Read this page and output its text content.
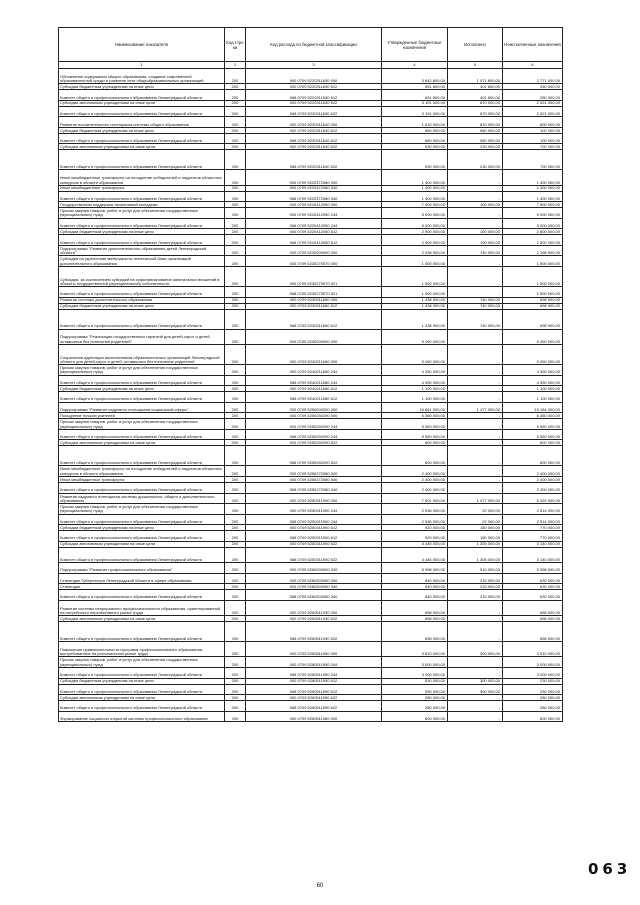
Наименование показателя	Код стро ки	Код расхода по бюджетной классификации	Утвержденные бюджетные назначения	Исполнено	Неисполненные назначения
1	2	3	4	5	6
Обновление содержания общего образования, создание современной образовательной среды и развитие сети общеобразовательных организаций	200	000 0709 5220311630 000	3 842 800,00	1 071 800,00	2 771 000,00
Субсидии бюджетным учреждениям на иные цели	200	000 0709 5220311630 612	651 800,00	401 800,00	250 000,00
Комитет общего и профессионального образования Ленинградской области	200	068 0709 5220311630 612	651 800,00	401 800,00	250 000,00
Субсидии автономным учреждениям на иные цели	200	000 0709 5220311630 622	3 191 000,00	670 000,00	2 521 000,00
Комитет общего и профессионального образования Ленинградской области	200	068 0709 5220311630 622	3 191 000,00	670 000,00	2 521 000,00
Развитие воспитательного потенциала системы общего образования	200	000 0709 5220311640 000	1 610 000,00	810 000,00	800 000,00
Субсидии бюджетным учреждениям на иные цели	200	000 0709 5220311640 612	680 000,00	580 000,00	100 000,00
Комитет общего и профессионального образования Ленинградской области	200	068 0709 5220311640 612	680 000,00	580 000,00	100 000,00
Субсидии автономным учреждениям на иные цели	200	000 0709 5220311640 622	930 000,00	230 000,00	700 000,00
Комитет общего и профессионального образования Ленинградской области	200	068 0709 5220311640 622	930 000,00	230 000,00	700 000,00
Иные межбюджетные трансферты на поощрение победителей и лауреатов областных конкурсов в области образования	200	000 0709 5220372080 000	1 400 000,00	-	1 400 000,00
Иные межбюджетные трансферты	200	000 0709 5220372080 540	1 400 000,00	-	1 400 000,00
Комитет общего и профессионального образования Ленинградской области	200	068 0709 5220372080 540	1 400 000,00	-	1 400 000,00
Государственная поддержка талантливой молодежи	200	000 0709 5220412050 000	7 900 000,00	100 000,00	7 800 000,00
Прочая закупка товаров, работ и услуг для обеспечения государственных (муниципальных) нужд	200	000 0709 5220412050 244	5 000 000,00	-	5 000 000,00
Комитет общего и профессионального образования Ленинградской области	200	068 0709 5220412050 244	5 000 000,00	-	5 000 000,00
Субсидии бюджетным учреждениям на иные цели	200	000 0709 5220412050 612	2 900 000,00	100 000,00	2 800 000,00
Комитет общего и профессионального образования Ленинградской области	200	068 0709 5220412050 612	2 900 000,00	100 000,00	2 800 000,00
Подпрограмма "Развитие дополнительного образования детей Ленинградской области"	200	000 0709 5230000000 000	2 938 900,00	740 000,00	2 198 900,00
Субсидия на укрепление материально-технической базы организаций дополнительного образования	200	000 0709 5230270570 000	1 500 000,00	-	1 500 000,00
Субсидии, за исключением субсидий на софинансирование капитальных вложений в объекты государственной (муниципальной) собственности	200	000 0709 5230270570 521	1 500 000,00	-	1 500 000,00
Комитет общего и профессионального образования Ленинградской области	200	068 0709 5230270570 521	1 500 000,00	-	1 500 000,00
Развитие системы дополнительного образования	200	000 0709 5230311660 000	1 438 900,00	740 000,00	698 900,00
Субсидии бюджетным учреждениям на иные цели	200	000 0709 5230311660 612	1 438 900,00	740 000,00	698 900,00
Комитет общего и профессионального образования Ленинградской области	200	068 0709 5230311660 612	1 438 900,00	740 000,00	698 900,00
Подпрограмма "Реализация государственных гарантий для детей-сирот и детей, оставшихся без попечения родителей"	200	000 0709 5240000000 000	5 490 000,00	-	5 490 000,00
Социальная адаптация воспитанников образовательных организаций Ленинградской области для детей-сирот и детей, оставшихся без попечения родителей	200	000 0709 5240211680 000	5 490 000,00	-	5 490 000,00
Прочая закупка товаров, работ и услуг для обеспечения государственных (муниципальных) нужд	200	000 0709 5240211680 244	4 390 000,00	-	4 390 000,00
Комитет общего и профессионального образования Ленинградской области	200	068 0709 5240211680 244	4 390 000,00	-	4 390 000,00
Субсидии бюджетным учреждениям на иные цели	200	000 0709 5240211680 612	1 100 000,00	-	1 100 000,00
Комитет общего и профессионального образования Ленинградской области	200	068 0709 5240211680 612	1 100 000,00	-	1 100 000,00
Подпрограмма "Развитие кадрового потенциала социальной сферы"	200	000 0709 5250000000 000	16 661 000,00	1 477 000,00	15 184 000,00
Поощрение лучших учителей	200	000 0709 5250250290 000	6 360 000,00	-	6 360 000,00
Прочая закупка товаров, работ и услуг для обеспечения государственных (муниципальных) нужд	200	000 0709 5250250290 244	5 560 000,00	-	5 560 000,00
Комитет общего и профессионального образования Ленинградской области	200	068 0709 5250250290 244	5 560 000,00	-	5 560 000,00
Субсидии автономным учреждениям на иные цели	200	000 0709 5250250290 622	800 000,00	-	800 000,00
Комитет общего и профессионального образования Ленинградской области	200	068 0709 5250250290 622	800 000,00	-	800 000,00
Иные межбюджетные трансферты на поощрение победителей и лауреатов областных конкурсов в области образования	200	000 0709 5250272080 000	2 400 000,00	-	2 400 000,00
Иные межбюджетные трансферты	200	000 0709 5250272080 540	2 400 000,00	-	2 400 000,00
Комитет общего и профессионального образования Ленинградской области	200	068 0709 5250272080 540	2 400 000,00	-	2 400 000,00
Развитие кадрового потенциала системы дошкольного, общего и дополнительного образования	200	000 0709 5250311900 000	7 901 000,00	1 477 000,00	6 424 000,00
Прочая закупка товаров, работ и услуг для обеспечения государственных (муниципальных) нужд	200	000 0709 5250311900 244	2 536 000,00	22 000,00	2 514 000,00
Комитет общего и профессионального образования Ленинградской области	200	068 0709 5250311900 244	2 536 000,00	22 000,00	2 514 000,00
Субсидии бюджетным учреждениям на иные цели	200	000 0709 5250311900 612	920 000,00	150 000,00	770 000,00
Комитет общего и профессионального образования Ленинградской области	200	068 0709 5250311900 612	920 000,00	150 000,00	770 000,00
Субсидии автономным учреждениям на иные цели	200	000 0709 5250311900 622	4 445 000,00	1 305 000,00	3 140 000,00
Комитет общего и профессионального образования Ленинградской области	200	068 0709 5250311900 622	4 445 000,00	1 305 000,00	3 140 000,00
Подпрограмма "Развитие профессионального образования"	200	000 0709 5260000000 000	5 908 000,00	510 000,00	5 398 000,00
Стипендии Губернатора Ленинградской области в сфере образования	200	000 0709 5260303050 000	840 000,00	210 000,00	630 000,00
Стипендии	200	000 0709 5260303050 340	840 000,00	210 000,00	630 000,00
Комитет общего и профессионального образования Ленинградской области	200	068 0709 5260303050 340	840 000,00	210 000,00	630 000,00
Развитие системы непрерывного профессионального образования, ориентированной на потребности перспективного рынка труда	200	000 0709 5260511930 000	658 000,00	-	658 000,00
Субсидии автономным учреждениям на иные цели	200	000 0709 5260511930 622	658 000,00	-	658 000,00
Комитет общего и профессионального образования Ленинградской области	200	068 0709 5260511930 622	658 000,00	-	658 000,00
Повышение привлекательности программ профессионального образования, востребованных на региональном рынке труда	200	000 0709 5260511950 000	3 810 000,00	300 000,00	3 510 000,00
Прочая закупка товаров, работ и услуг для обеспечения государственных (муниципальных) нужд	200	000 0709 5260511950 244	3 000 000,00	-	3 000 000,00
Комитет общего и профессионального образования Ленинградской области	200	068 0709 5260511950 244	3 000 000,00	-	3 000 000,00
Субсидии бюджетным учреждениям на иные цели	200	000 0709 5260511950 612	530 000,00	300 000,00	230 000,00
Комитет общего и профессионального образования Ленинградской области	200	068 0709 5260511950 612	530 000,00	300 000,00	230 000,00
Субсидии автономным учреждениям на иные цели	200	000 0709 5260511950 622	280 000,00	-	280 000,00
Комитет общего и профессионального образования Ленинградской области	200	068 0709 5260511950 622	280 000,00	-	280 000,00
Формирование социально открытой системы профессионального образования	200	000 0709 5260511960 000	600 000,00	-	600 000,00
60
063
